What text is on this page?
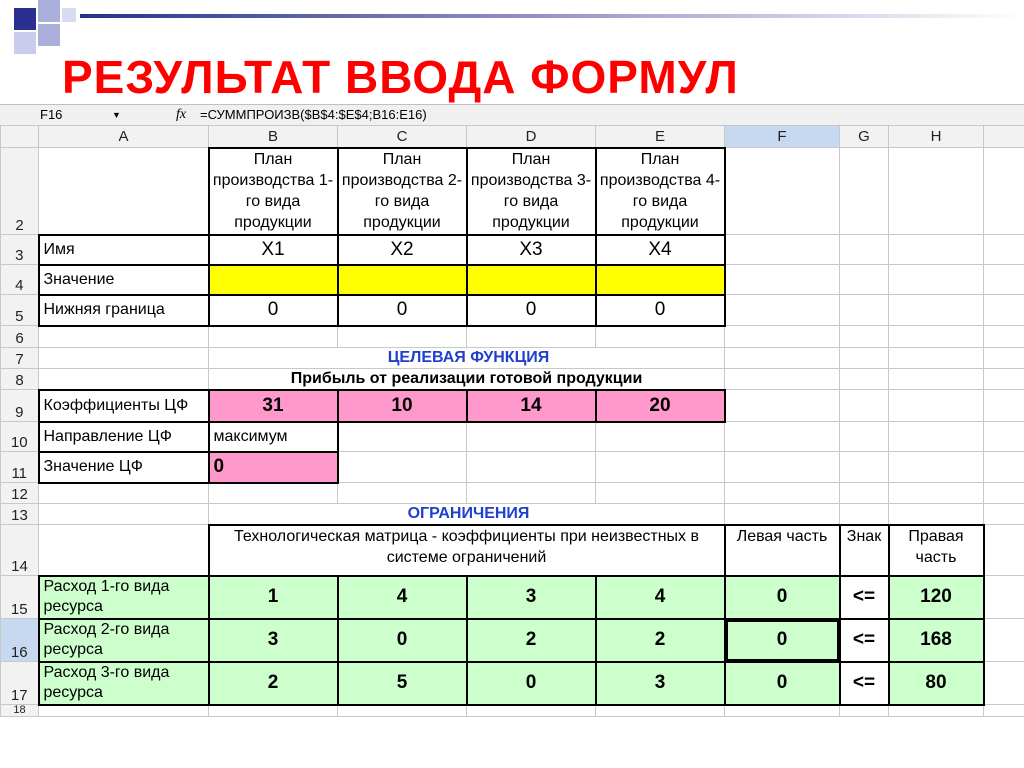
РЕЗУЛЬТАТ ВВОДА ФОРМУЛ
F16	▼	fx =СУММПРОИЗВ($B$4:$E$4;B16:E16)
	A	B	C	D	E	F	G	H	
2		План производства 1-го вида продукции	План производства 2-го вида продукции	План производства 3-го вида продукции	План производства 4-го вида продукции				
3	Имя	X1	X2	X3	X4				
4	Значение								
5	Нижняя граница	0	0	0	0				
6									
7		ЦЕЛЕВАЯ ФУНКЦИЯ							
8		Прибыль от реализации готовой продукции							
9	Коэффициенты ЦФ	31	10	14	20				
10	Направление ЦФ	максимум							
11	Значение ЦФ	0							
12									
13		ОГРАНИЧЕНИЯ							
14		Технологическая матрица - коэффициенты при неизвестных в системе ограничений				Левая часть	Знак	Правая часть	
15	Расход 1-го вида ресурса	1	4	3	4	0	<=	120	
16	Расход 2-го вида ресурса	3	0	2	2	0	<=	168	
17	Расход 3-го вида ресурса	2	5	0	3	0	<=	80	
18									
